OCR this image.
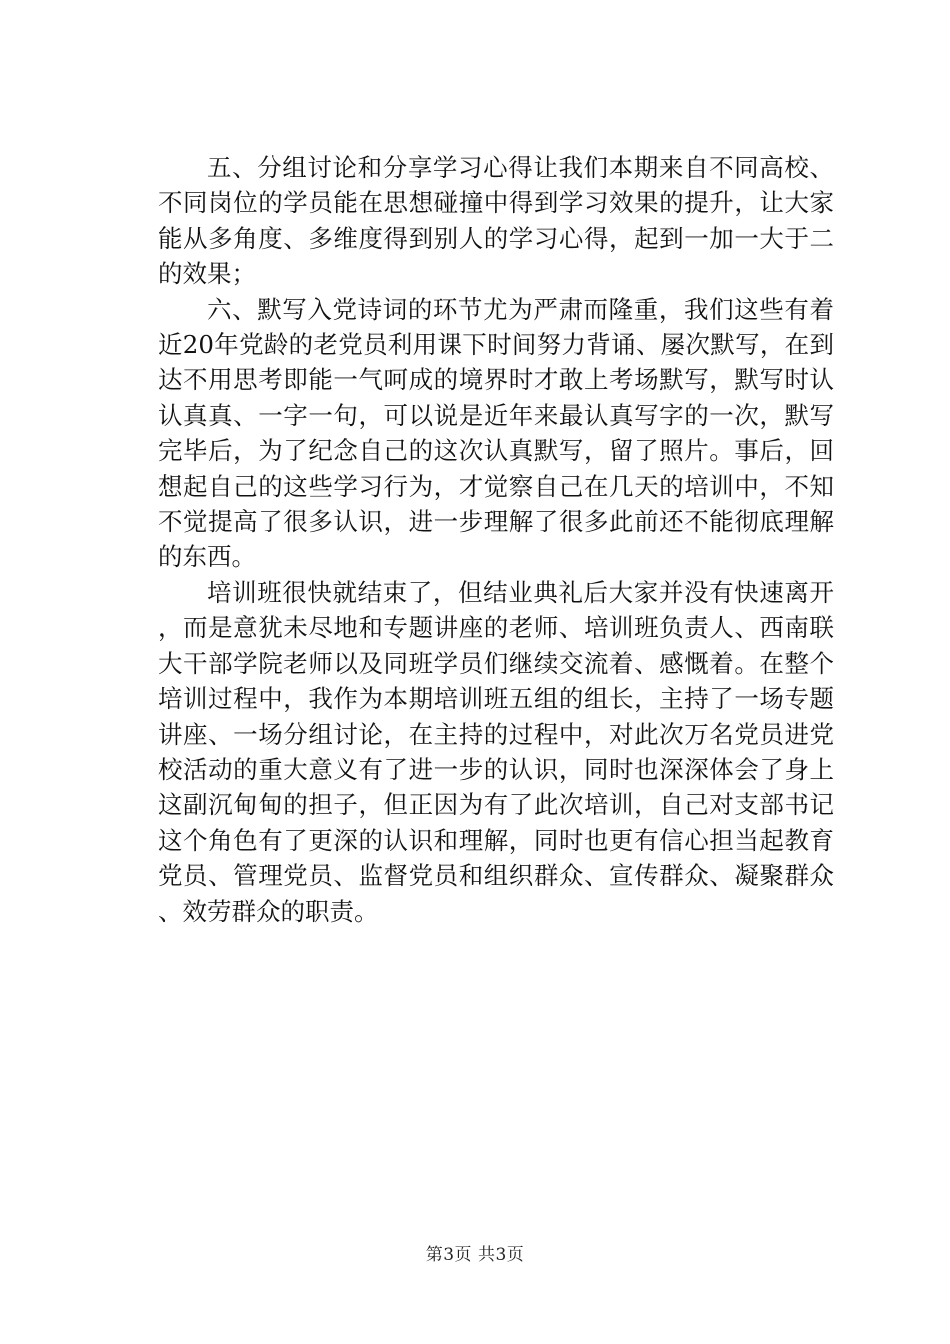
五、分组讨论和分享学习心得让我们本期来自不同高校、不同岗位的学员能在思想碰撞中得到学习效果的提升，让大家能从多角度、多维度得到别人的学习心得，起到一加一大于二的效果；

六、默写入党诗词的环节尤为严肃而隆重，我们这些有着近20年党龄的老党员利用课下时间努力背诵、屡次默写，在到达不用思考即能一气呵成的境界时才敢上考场默写，默写时认认真真、一字一句，可以说是近年来最认真写字的一次，默写完毕后，为了纪念自己的这次认真默写，留了照片。事后，回想起自己的这些学习行为，才觉察自己在几天的培训中，不知不觉提高了很多认识，进一步理解了很多此前还不能彻底理解的东西。

培训班很快就结束了，但结业典礼后大家并没有快速离开，而是意犹未尽地和专题讲座的老师、培训班负责人、西南联大干部学院老师以及同班学员们继续交流着、感慨着。在整个培训过程中，我作为本期培训班五组的组长，主持了一场专题讲座、一场分组讨论，在主持的过程中，对此次万名党员进党校活动的重大意义有了进一步的认识，同时也深深体会了身上这副沉甸甸的担子，但正因为有了此次培训，自己对支部书记这个角色有了更深的认识和理解，同时也更有信心担当起教育党员、管理党员、监督党员和组织群众、宣传群众、凝聚群众、效劳群众的职责。

第3页 共3页
